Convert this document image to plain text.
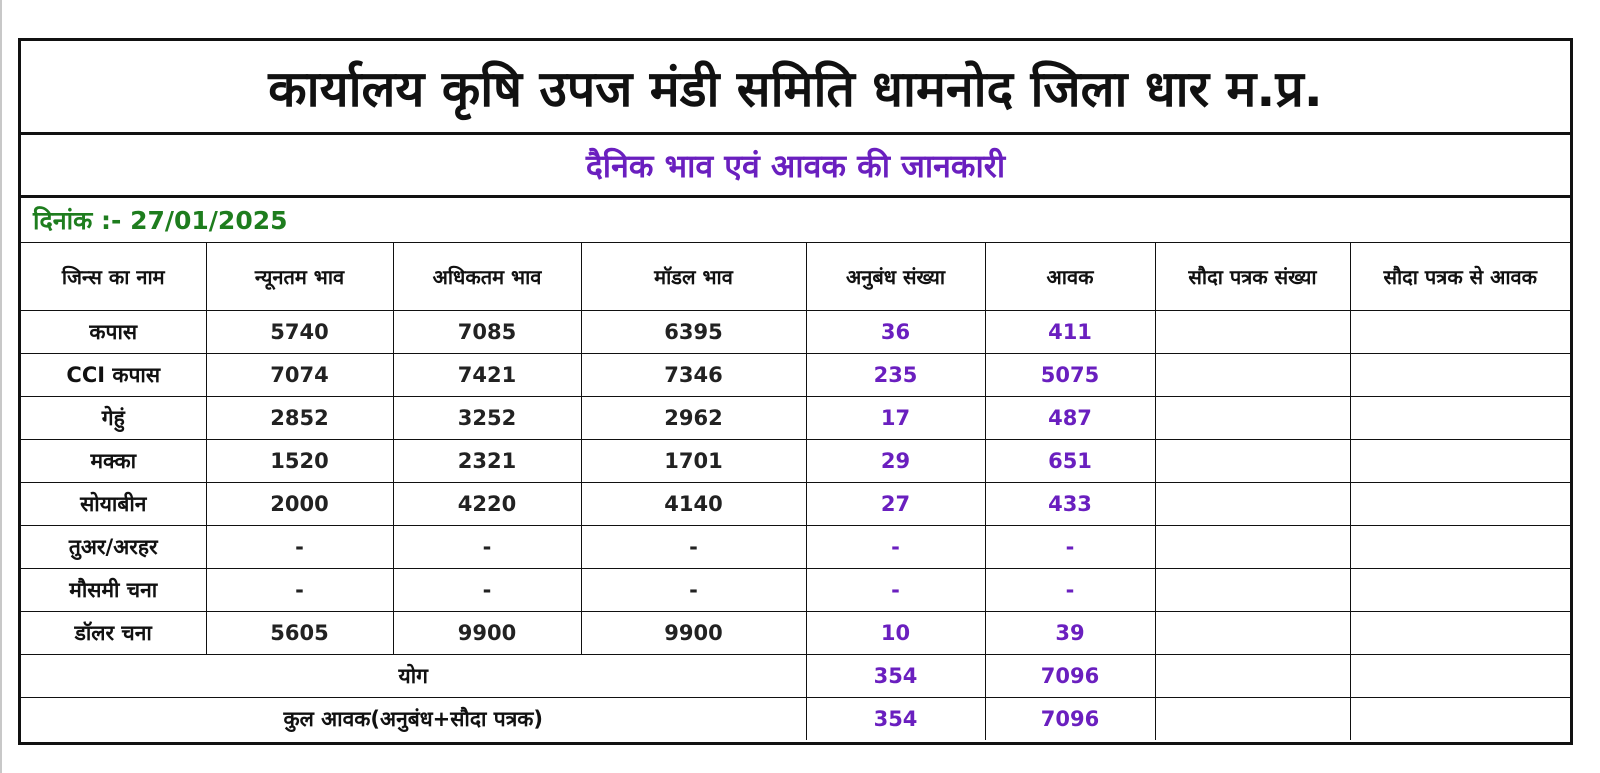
कार्यालय कृषि उपज मंडी समिति धामनोद जिला धार म.प्र.
दैनिक भाव एवं आवक की जानकारी
दिनांक :- 27/01/2025
जिन्स का नाम	न्यूनतम भाव	अधिकतम भाव	मॉडल भाव	अनुबंध संख्या	आवक	सौदा पत्रक संख्या	सौदा पत्रक से आवक
कपास	5740	7085	6395	36	411		
CCI कपास	7074	7421	7346	235	5075		
गेहुं	2852	3252	2962	17	487		
मक्का	1520	2321	1701	29	651		
सोयाबीन	2000	4220	4140	27	433		
तुअर/अरहर	-	-	-	-	-		
मौसमी चना	-	-	-	-	-		
डॉलर चना	5605	9900	9900	10	39		
योग				354	7096		
कुल आवक(अनुबंध+सौदा पत्रक)				354	7096		
